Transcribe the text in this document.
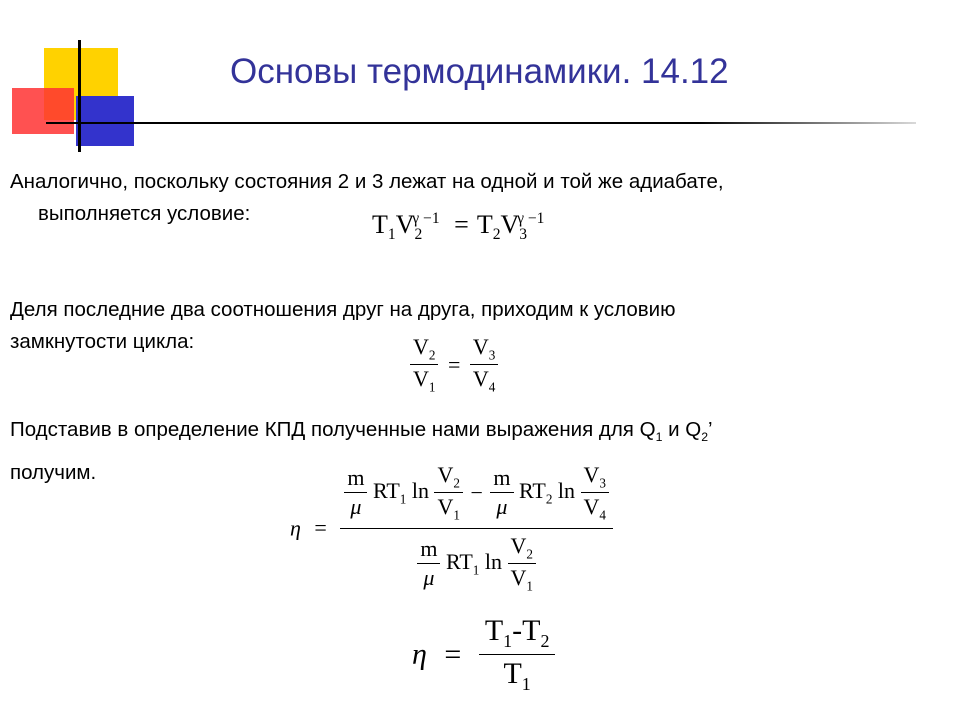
Основы термодинамики. 14.12
Аналогично, поскольку состояния 2 и 3 лежат на одной и той же адиабате,
выполняется условие:	$T_1V_2^{\gamma -1} = T_2V_3^{\gamma -1}$
Деля последние два соотношения друг на друга, приходим к условию
замкнутости цикла:	$\frac{V_2}{V_1} = \frac{V_3}{V_4}$
Подставив в определение КПД полученные нами выражения для $Q_1$ и $Q_2$’
получим.
η =
$\frac{m}{\mu} RT_1$ $\ln \frac{V_2}{V_1} - \frac{m}{\mu} RT_2$ $\ln \frac{V_3}{V_4}$
$\frac{m}{\mu} RT_1$ $\ln \frac{V_2}{V_1}$
$\eta = \frac{T_1-T_2}{T_1}$
